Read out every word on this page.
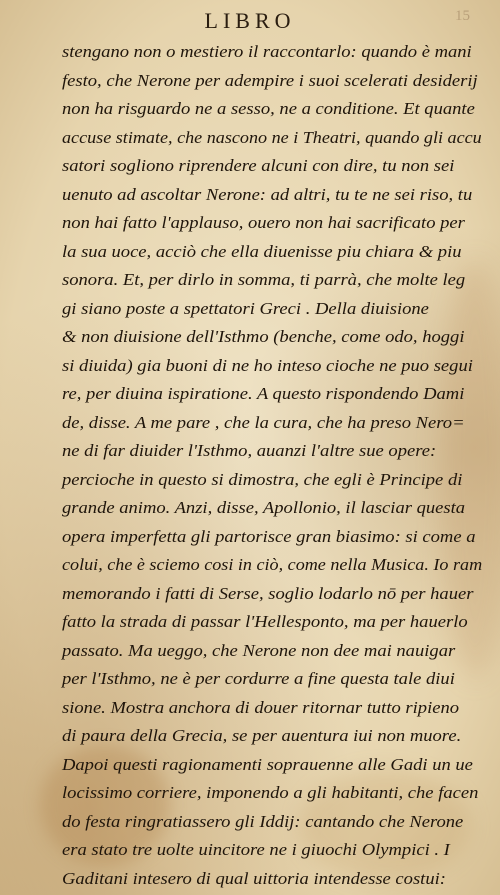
LIBRO	15
stengano non o mestiero il raccontarlo: quando è mani
festo, che Nerone per adempire i suoi scelerati desiderij
non ha risguardo ne a sesso, ne a conditione. Et quante
accuse stimate, che nascono ne i Theatri, quando gli accu
satori sogliono riprendere alcuni con dire, tu non sei
uenuto ad ascoltar Nerone: ad altri, tu te ne sei riso, tu
non hai fatto l'applauso, ouero non hai sacrificato per
la sua uoce, acciò che ella diuenisse piu chiara & piu
sonora. Et, per dirlo in somma, ti parrà, che molte leg
gi siano poste a spettatori Greci . Della diuisione
& non diuisione dell'Isthmo (benche, come odo, hoggi
si diuida) gia buoni di ne ho inteso cioche ne puo segui
re, per diuina ispiratione. A questo rispondendo Dami
de, disse. A me pare , che la cura, che ha preso Nero=
ne di far diuider l'Isthmo, auanzi l'altre sue opere:
percioche in questo si dimostra, che egli è Principe di
grande animo. Anzi, disse, Apollonio, il lasciar questa
opera imperfetta gli partorisce gran biasimo: si come a
colui, che è sciemo cosi in ciò, come nella Musica. Io ram
memorando i fatti di Serse, soglio lodarlo nō per hauer
fatto la strada di passar l'Hellesponto, ma per hauerlo
passato. Ma ueggo, che Nerone non dee mai nauigar
per l'Isthmo, ne è per cordurre a fine questa tale diui
sione. Mostra anchora di douer ritornar tutto ripieno
di paura della Grecia, se per auentura iui non muore.
Dapoi questi ragionamenti soprauenne alle Gadi un ue
locissimo corriere, imponendo a gli habitanti, che facen
do festa ringratiassero gli Iddij: cantando che Nerone
era stato tre uolte uincitore ne i giuochi Olympici . I
Gaditani intesero di qual uittoria intendesse costui:
